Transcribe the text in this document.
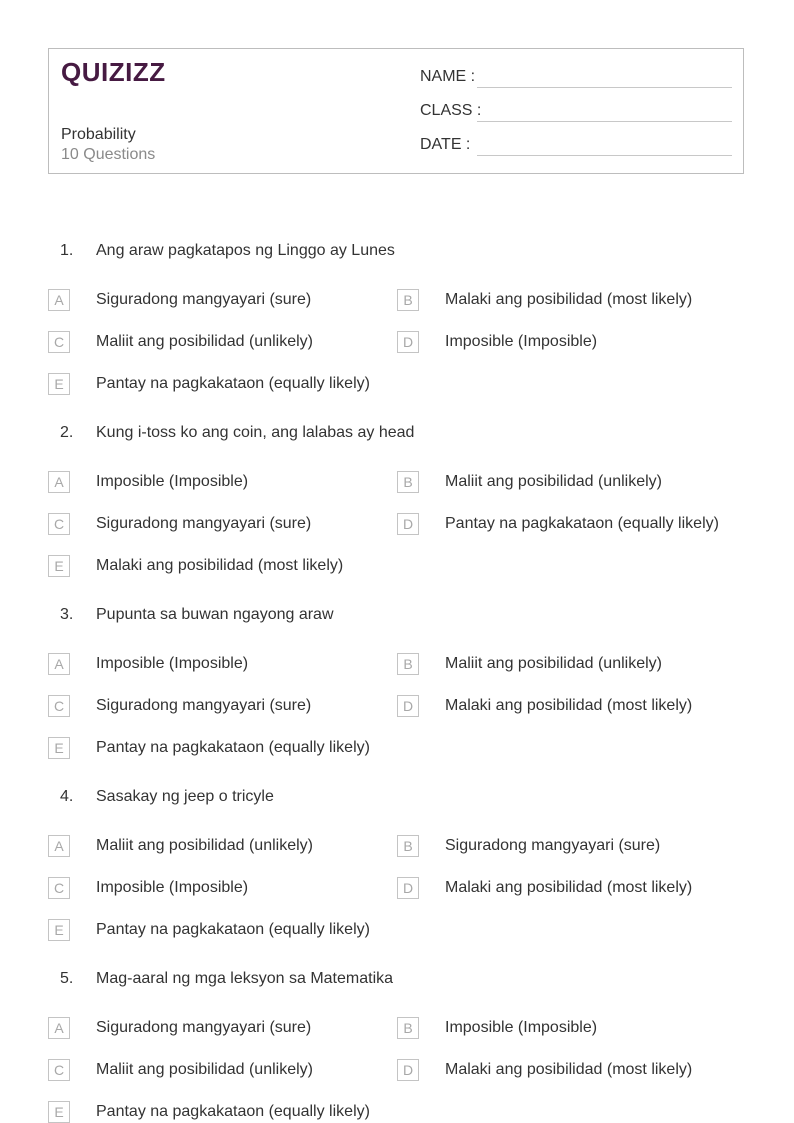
QUIZIZZ
Probability
10 Questions
NAME :
CLASS :
DATE :
1. Ang araw pagkatapos ng Linggo ay Lunes
A	Siguradong mangyayari (sure)	B	Malaki ang posibilidad (most likely)
C	Maliit ang posibilidad (unlikely)	D	Imposible (Imposible)
E	Pantay na pagkakataon (equally likely)
2. Kung i-toss ko ang coin, ang lalabas ay head
A	Imposible (Imposible)	B	Maliit ang posibilidad (unlikely)
C	Siguradong mangyayari (sure)	D	Pantay na pagkakataon (equally likely)
E	Malaki ang posibilidad (most likely)
3. Pupunta sa buwan ngayong araw
A	Imposible (Imposible)	B	Maliit ang posibilidad (unlikely)
C	Siguradong mangyayari (sure)	D	Malaki ang posibilidad (most likely)
E	Pantay na pagkakataon (equally likely)
4. Sasakay ng jeep o tricyle
A	Maliit ang posibilidad (unlikely)	B	Siguradong mangyayari (sure)
C	Imposible (Imposible)	D	Malaki ang posibilidad (most likely)
E	Pantay na pagkakataon (equally likely)
5. Mag-aaral ng mga leksyon sa Matematika
A	Siguradong mangyayari (sure)	B	Imposible (Imposible)
C	Maliit ang posibilidad (unlikely)	D	Malaki ang posibilidad (most likely)
E	Pantay na pagkakataon (equally likely)
